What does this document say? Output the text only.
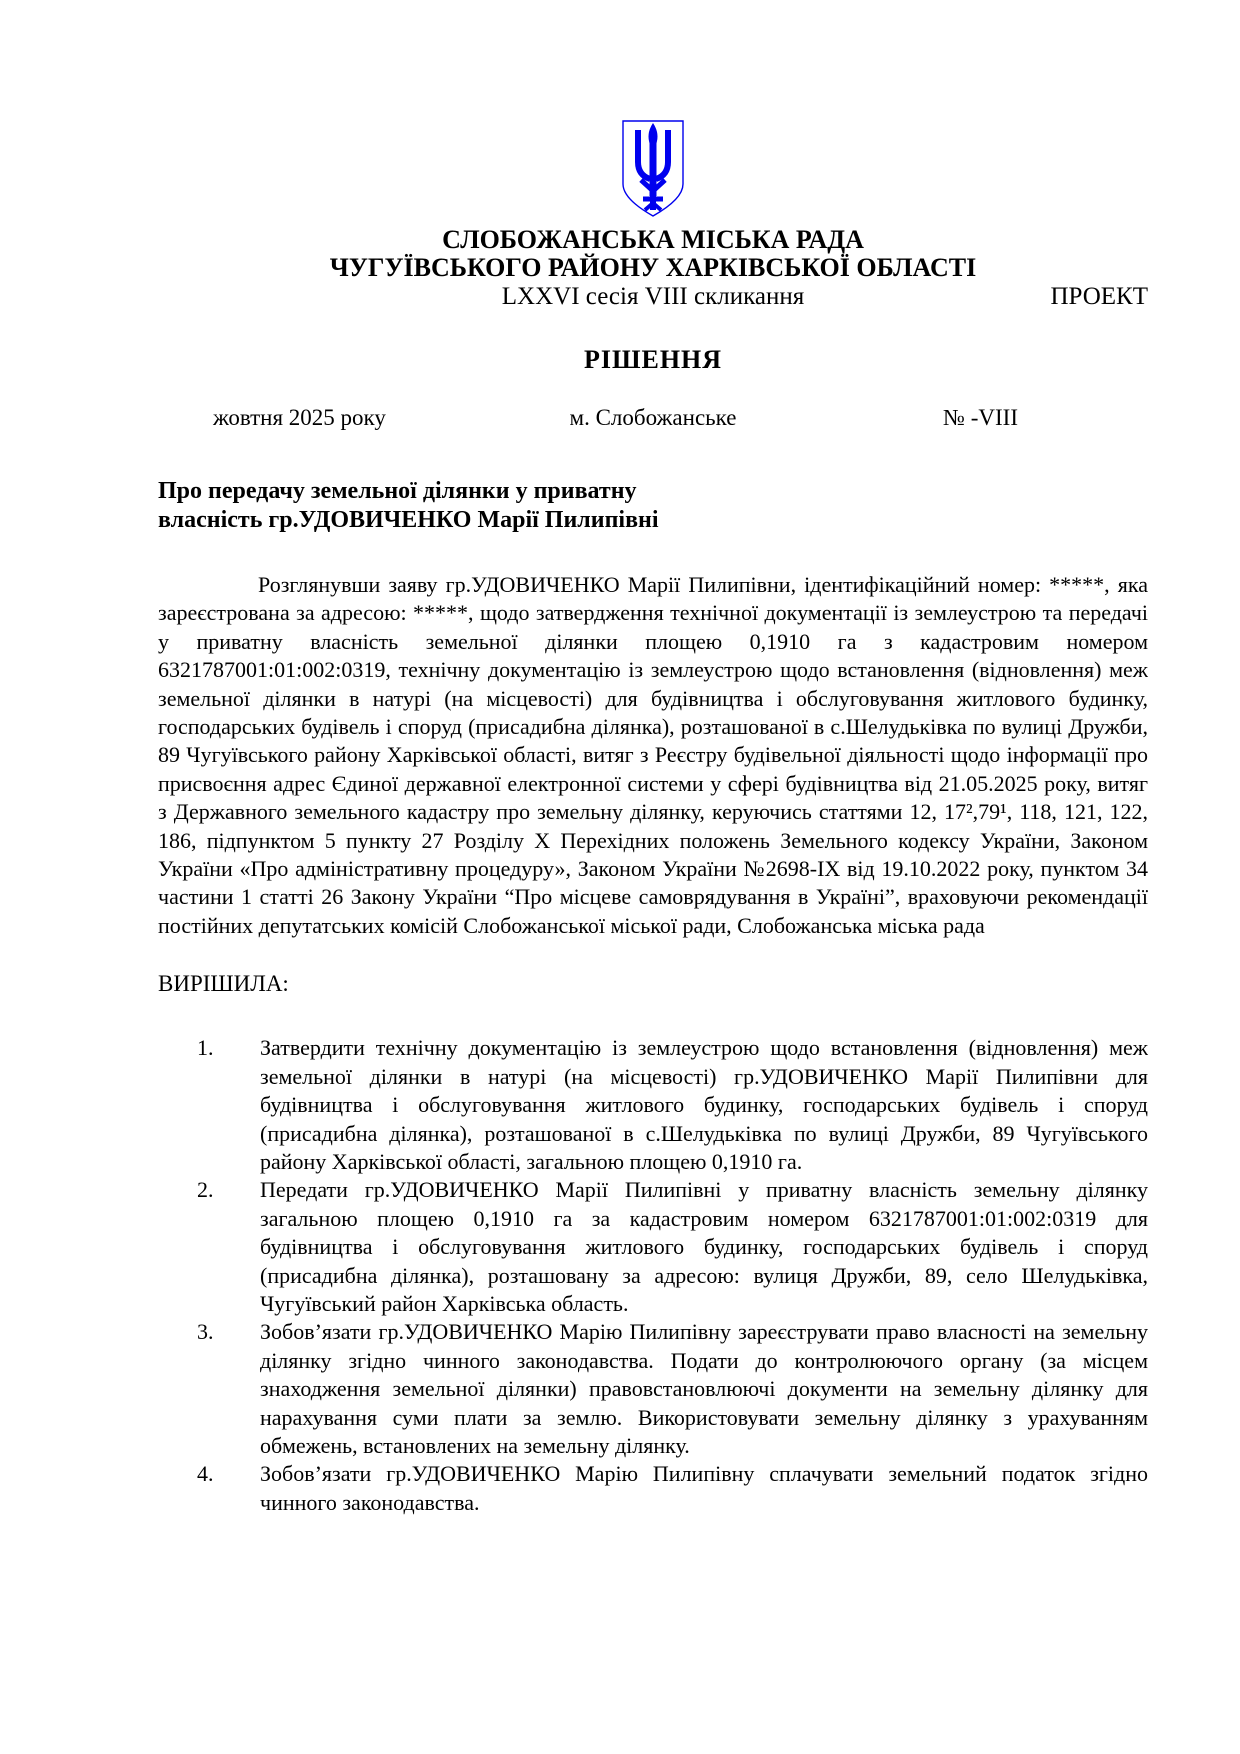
СЛОБОЖАНСЬКА МІСЬКА РАДА
ЧУГУЇВСЬКОГО РАЙОНУ ХАРКІВСЬКОЇ ОБЛАСТІ
LXXVI сесія VIII скликання	ПРОЕКТ
РІШЕННЯ
жовтня 2025 року	м. Слобожанське	№ -VIII
Про передачу земельної ділянки у приватну
власність гр.УДОВИЧЕНКО Марії Пилипівні

Розглянувши заяву гр.УДОВИЧЕНКО Марії Пилипівни, ідентифікаційний номер: *****, яка зареєстрована за адресою: *****, щодо затвердження технічної документації із землеустрою та передачі у приватну власність земельної ділянки площею 0,1910 га з кадастровим номером 6321787001:01:002:0319, технічну документацію із землеустрою щодо встановлення (відновлення) меж земельної ділянки в натурі (на місцевості) для будівництва і обслуговування житлового будинку, господарських будівель і споруд (присадибна ділянка), розташованої в с.Шелудьківка по вулиці Дружби, 89 Чугуївського району Харківської області, витяг з Реєстру будівельної діяльності щодо інформації про присвоєння адрес Єдиної державної електронної системи у сфері будівництва від 21.05.2025 року, витяг з Державного земельного кадастру про земельну ділянку, керуючись статтями 12, 17²,79¹, 118, 121, 122, 186, підпунктом 5 пункту 27 Розділу X Перехідних положень Земельного кодексу України, Законом України «Про адміністративну процедуру», Законом України №2698-ІХ від 19.10.2022 року, пунктом 34 частини 1 статті 26 Закону України “Про місцеве самоврядування в Україні”, враховуючи рекомендації постійних депутатських комісій Слобожанської міської ради, Слобожанська міська рада

ВИРІШИЛА:
1.	Затвердити технічну документацію із землеустрою щодо встановлення (відновлення) меж земельної ділянки в натурі (на місцевості) гр.УДОВИЧЕНКО Марії Пилипівни для будівництва і обслуговування житлового будинку, господарських будівель і споруд (присадибна ділянка), розташованої в с.Шелудьківка по вулиці Дружби, 89 Чугуївського району Харківської області, загальною площею 0,1910 га.
2.	Передати гр.УДОВИЧЕНКО Марії Пилипівні у приватну власність земельну ділянку загальною площею 0,1910 га за кадастровим номером 6321787001:01:002:0319 для будівництва і обслуговування житлового будинку, господарських будівель і споруд (присадибна ділянка), розташовану за адресою: вулиця Дружби, 89, село Шелудьківка, Чугуївський район Харківська область.
3.	Зобов’язати гр.УДОВИЧЕНКО Марію Пилипівну зареєструвати право власності на земельну ділянку згідно чинного законодавства. Подати до контролюючого органу (за місцем знаходження земельної ділянки) правовстановлюючі документи на земельну ділянку для нарахування суми плати за землю. Використовувати земельну ділянку з урахуванням обмежень, встановлених на земельну ділянку.
4.	Зобов’язати гр.УДОВИЧЕНКО Марію Пилипівну сплачувати земельний податок згідно чинного законодавства.
